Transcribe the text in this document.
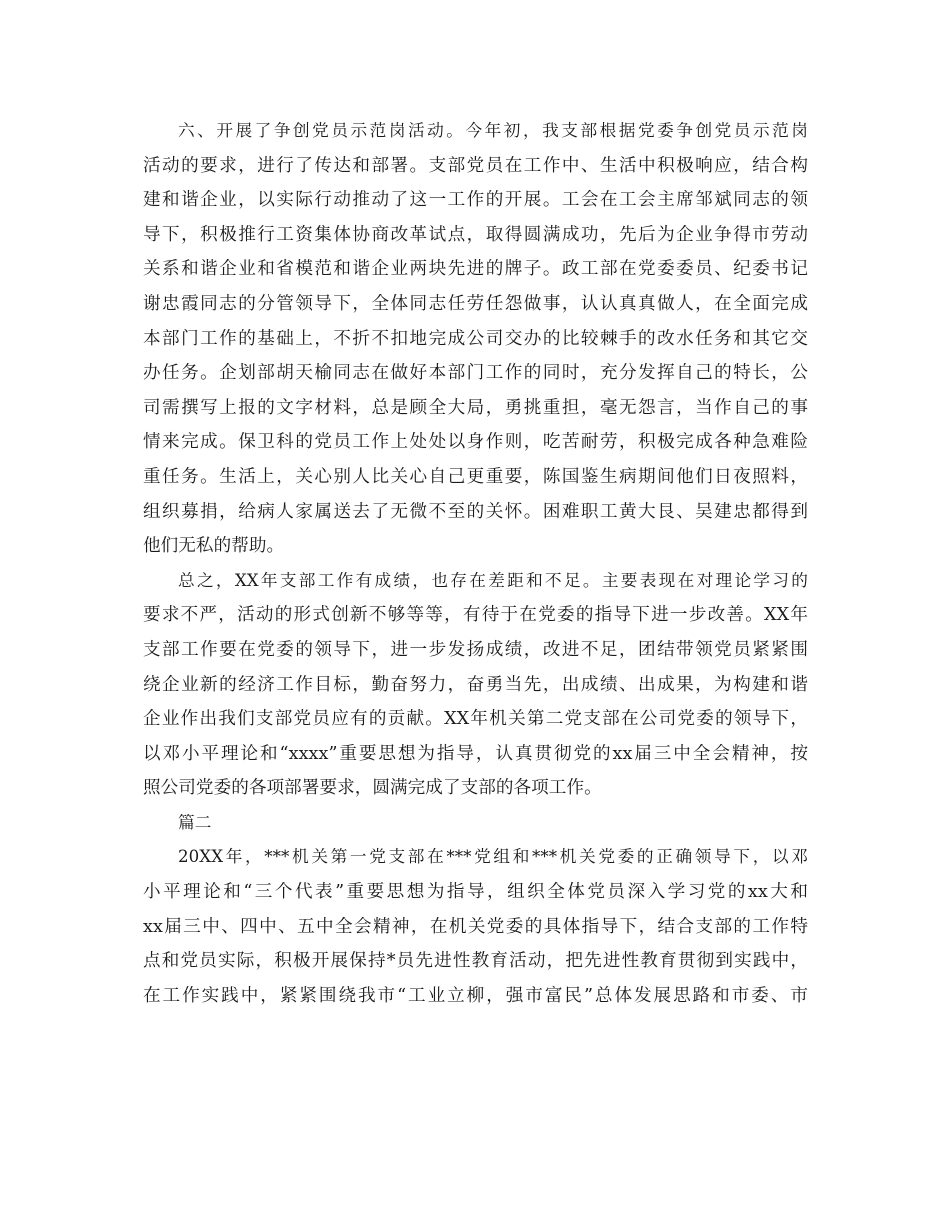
六、开展了争创党员示范岗活动。今年初，我支部根据党委争创党员示范岗
活动的要求，进行了传达和部署。支部党员在工作中、生活中积极响应，结合构
建和谐企业，以实际行动推动了这一工作的开展。工会在工会主席邹斌同志的领
导下，积极推行工资集体协商改革试点，取得圆满成功，先后为企业争得市劳动
关系和谐企业和省模范和谐企业两块先进的牌子。政工部在党委委员、纪委书记
谢忠霞同志的分管领导下，全体同志任劳任怨做事，认认真真做人，在全面完成
本部门工作的基础上，不折不扣地完成公司交办的比较棘手的改水任务和其它交
办任务。企划部胡天榆同志在做好本部门工作的同时，充分发挥自己的特长，公
司需撰写上报的文字材料，总是顾全大局，勇挑重担，毫无怨言，当作自己的事
情来完成。保卫科的党员工作上处处以身作则，吃苦耐劳，积极完成各种急难险
重任务。生活上，关心别人比关心自己更重要，陈国鉴生病期间他们日夜照料，
组织募捐，给病人家属送去了无微不至的关怀。困难职工黄大艮、吴建忠都得到
他们无私的帮助。
总之，XX年支部工作有成绩，也存在差距和不足。主要表现在对理论学习的
要求不严，活动的形式创新不够等等，有待于在党委的指导下进一步改善。XX年
支部工作要在党委的领导下，进一步发扬成绩，改进不足，团结带领党员紧紧围
绕企业新的经济工作目标，勤奋努力，奋勇当先，出成绩、出成果，为构建和谐
企业作出我们支部党员应有的贡献。XX年机关第二党支部在公司党委的领导下，
以邓小平理论和“xxxx”重要思想为指导，认真贯彻党的xx届三中全会精神，按
照公司党委的各项部署要求，圆满完成了支部的各项工作。
篇二
20XX年，***机关第一党支部在***党组和***机关党委的正确领导下，以邓
小平理论和“三个代表”重要思想为指导，组织全体党员深入学习党的xx大和
xx届三中、四中、五中全会精神，在机关党委的具体指导下，结合支部的工作特
点和党员实际，积极开展保持*员先进性教育活动，把先进性教育贯彻到实践中，
在工作实践中，紧紧围绕我市“工业立柳，强市富民”总体发展思路和市委、市
